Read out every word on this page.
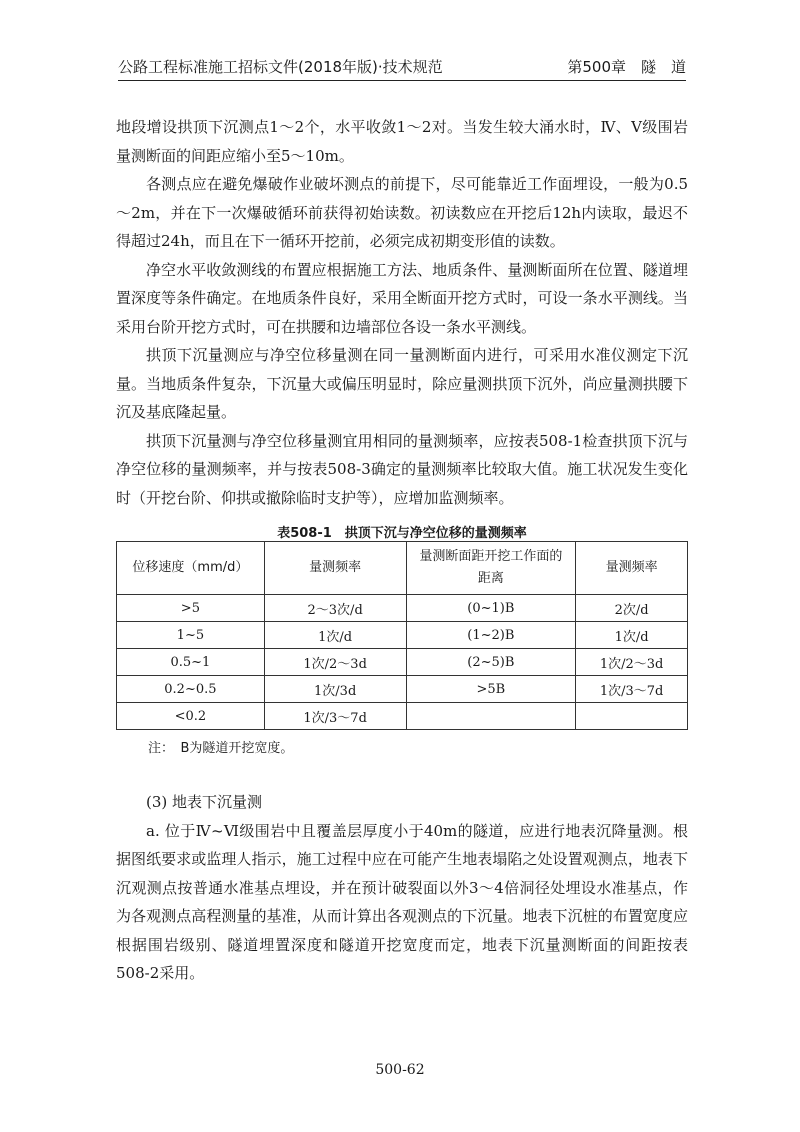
公路工程标准施工招标文件(2018年版)·技术规范	第500章　隧　道

地段增设拱顶下沉测点1～2个，水平收敛1～2对。当发生较大涌水时，Ⅳ、Ⅴ级围岩量测断面的间距应缩小至5～10m。

各测点应在避免爆破作业破坏测点的前提下，尽可能靠近工作面埋设，一般为0.5～2m，并在下一次爆破循环前获得初始读数。初读数应在开挖后12h内读取，最迟不得超过24h，而且在下一循环开挖前，必须完成初期变形值的读数。

净空水平收敛测线的布置应根据施工方法、地质条件、量测断面所在位置、隧道埋置深度等条件确定。在地质条件良好，采用全断面开挖方式时，可设一条水平测线。当采用台阶开挖方式时，可在拱腰和边墙部位各设一条水平测线。

拱顶下沉量测应与净空位移量测在同一量测断面内进行，可采用水准仪测定下沉量。当地质条件复杂，下沉量大或偏压明显时，除应量测拱顶下沉外，尚应量测拱腰下沉及基底隆起量。

拱顶下沉量测与净空位移量测宜用相同的量测频率，应按表508-1检查拱顶下沉与净空位移的量测频率，并与按表508-3确定的量测频率比较取大值。施工状况发生变化时（开挖台阶、仰拱或撤除临时支护等），应增加监测频率。

表508-1　拱顶下沉与净空位移的量测频率
位移速度（mm/d）	量测频率	量测断面距开挖工作面的距离	量测频率
>5	2～3次/d	(0~1)B	2次/d
1~5	1次/d	(1~2)B	1次/d
0.5~1	1次/2～3d	(2~5)B	1次/2～3d
0.2~0.5	1次/3d	>5B	1次/3～7d
<0.2	1次/3～7d		
注：　B为隧道开挖宽度。

(3) 地表下沉量测

a. 位于Ⅳ~Ⅵ级围岩中且覆盖层厚度小于40m的隧道，应进行地表沉降量测。根据图纸要求或监理人指示，施工过程中应在可能产生地表塌陷之处设置观测点，地表下沉观测点按普通水准基点埋设，并在预计破裂面以外3～4倍洞径处埋设水准基点，作为各观测点高程测量的基准，从而计算出各观测点的下沉量。地表下沉桩的布置宽度应根据围岩级别、隧道埋置深度和隧道开挖宽度而定，地表下沉量测断面的间距按表508-2采用。

500-62
